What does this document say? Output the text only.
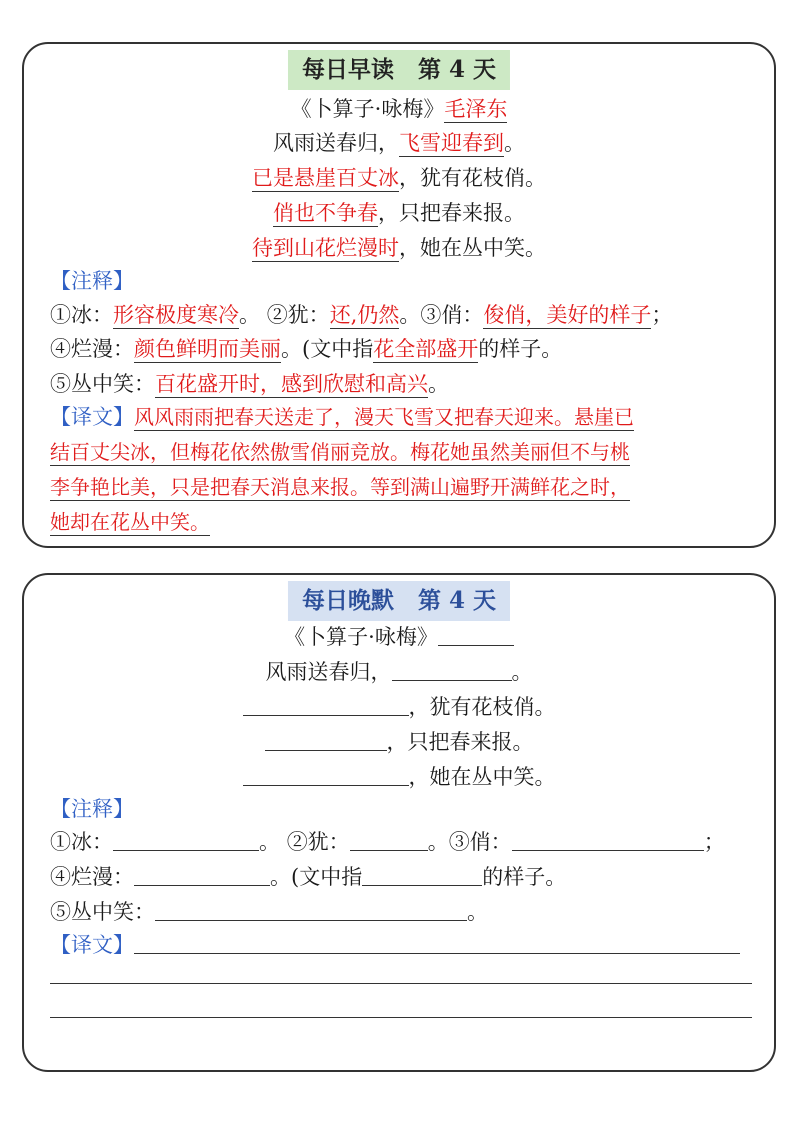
每日早读 第 4 天
《卜算子·咏梅》毛泽东
风雨送春归，飞雪迎春到。
已是悬崖百丈冰，犹有花枝俏。
俏也不争春，只把春来报。
待到山花烂漫时，她在丛中笑。
【注释】
①冰：形容极度寒冷。 ②犹：还,仍然。③俏：俊俏，美好的样子；
④烂漫：颜色鲜明而美丽。(文中指花全部盛开的样子。
⑤丛中笑：百花盛开时，感到欣慰和高兴。
【译文】风风雨雨把春天送走了，漫天飞雪又把春天迎来。悬崖已
结百丈尖冰，但梅花依然傲雪俏丽竞放。梅花她虽然美丽但不与桃
李争艳比美，只是把春天消息来报。等到满山遍野开满鲜花之时，
她却在花丛中笑。
每日晚默 第 4 天
《卜算子·咏梅》
风雨送春归，	。
，犹有花枝俏。
，只把春来报。
，她在丛中笑。
【注释】
①冰：	。 ②犹：	。③俏：	；
④烂漫：	。(文中指	的样子。
⑤丛中笑：	。
【译文】
